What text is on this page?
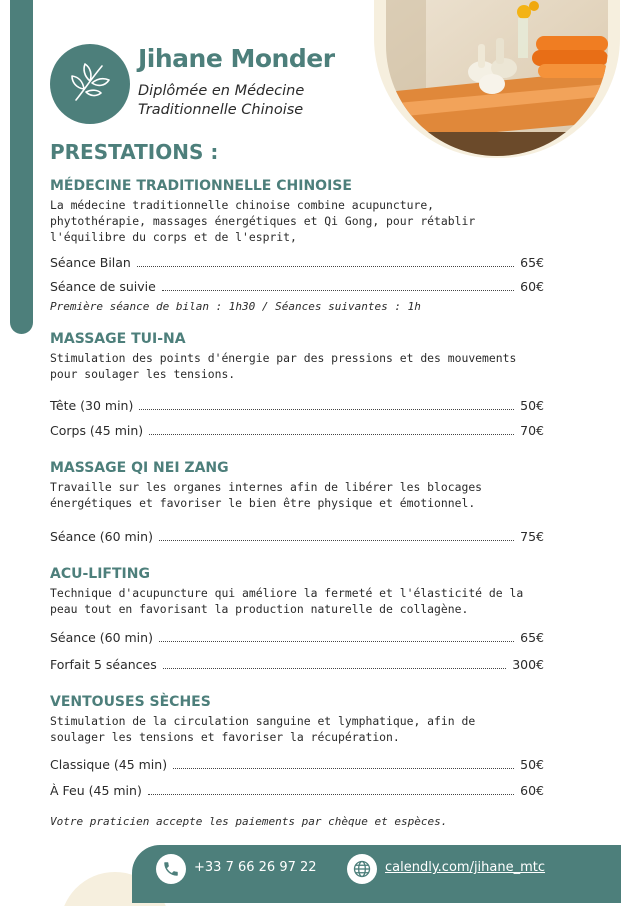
Jihane Monder
Diplômée en Médecine
Traditionnelle Chinoise
PRESTATIONS :
MÉDECINE TRADITIONNELLE CHINOISE
La médecine traditionnelle chinoise combine acupuncture,
phytothérapie, massages énergétiques et Qi Gong, pour rétablir
l'équilibre du corps et de l'esprit,
Séance Bilan	65€
Séance de suivie	60€
Première séance de bilan : 1h30 / Séances suivantes : 1h
MASSAGE TUI-NA
Stimulation des points d'énergie par des pressions et des mouvements
pour soulager les tensions.
Tête (30 min)	50€
Corps (45 min)	70€
MASSAGE QI NEI ZANG
Travaille sur les organes internes afin de libérer les blocages
énergétiques et favoriser le bien être physique et émotionnel.
Séance (60 min)	75€
ACU-LIFTING
Technique d'acupuncture qui améliore la fermeté et l'élasticité de la
peau tout en favorisant la production naturelle de collagène.
Séance (60 min)	65€
Forfait 5 séances	300€
VENTOUSES SÈCHES
Stimulation de la circulation sanguine et lymphatique, afin de
soulager les tensions et favoriser la récupération.
Classique (45 min)	50€
À Feu (45 min)	60€
Votre praticien accepte les paiements par chèque et espèces.
+33 7 66 26 97 22	calendly.com/jihane_mtc
